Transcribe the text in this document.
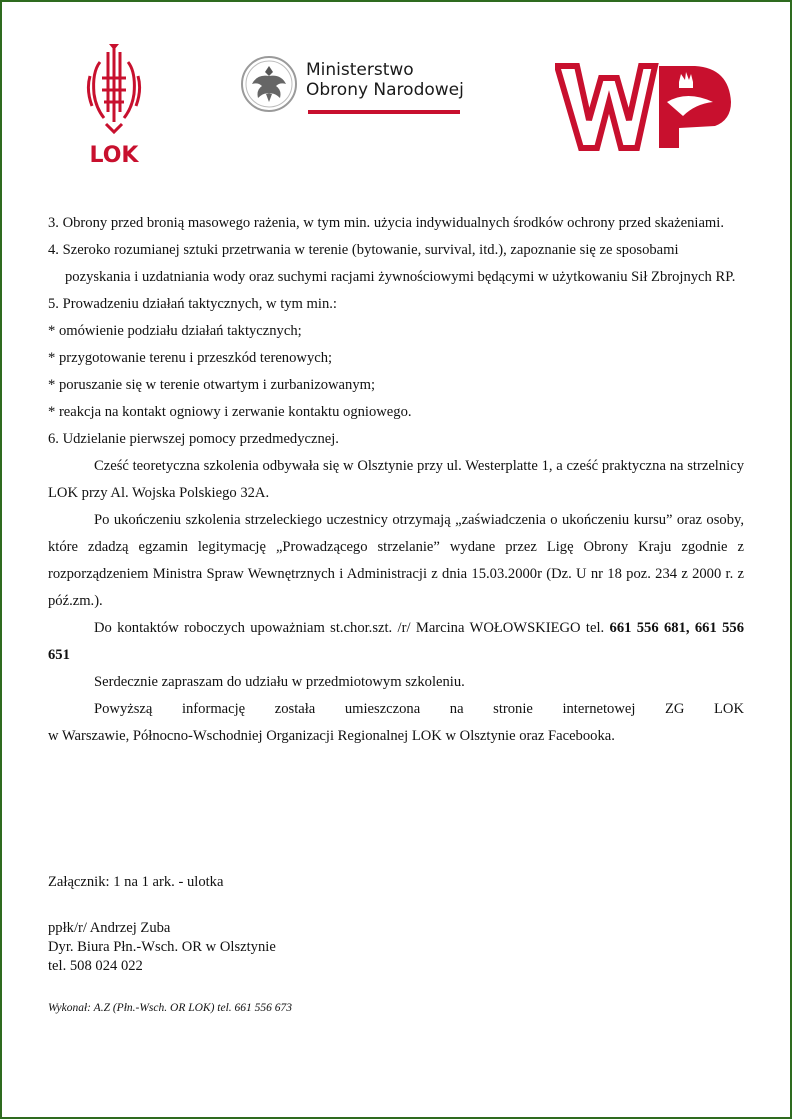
LOK
Ministerstwo
Obrony Narodowej
WOJSKO
POLSKIE

3. Obrony przed bronią masowego rażenia, w tym min. użycia indywidualnych środków ochrony przed skażeniami.

4. Szeroko rozumianej sztuki przetrwania w terenie (bytowanie, survival, itd.), zapoznanie się ze sposobami pozyskania i uzdatniania wody oraz suchymi racjami żywnościowymi będącymi w użytkowaniu Sił Zbrojnych RP.

5. Prowadzeniu działań taktycznych, w tym min.:

* omówienie podziału działań taktycznych;

* przygotowanie terenu i przeszkód terenowych;

* poruszanie się w terenie otwartym i zurbanizowanym;

* reakcja na kontakt ogniowy i zerwanie kontaktu ogniowego.

6. Udzielanie pierwszej pomocy przedmedycznej.

Cześć teoretyczna szkolenia odbywała się w Olsztynie przy ul. Westerplatte 1, a cześć praktyczna na strzelnicy LOK przy Al. Wojska Polskiego 32A.

Po ukończeniu szkolenia strzeleckiego uczestnicy otrzymają „zaświadczenia o ukończeniu kursu” oraz osoby, które zdadzą egzamin legitymację „Prowadzącego strzelanie” wydane przez Ligę Obrony Kraju zgodnie z rozporządzeniem Ministra Spraw Wewnętrznych i Administracji z dnia 15.03.2000r (Dz. U nr 18 poz. 234 z 2000 r. z póź.zm.).

Do kontaktów roboczych upoważniam st.chor.szt. /r/ Marcina WOŁOWSKIEGO tel. 661 556 681, 661 556 651

Serdecznie zapraszam do udziału w przedmiotowym szkoleniu.

Powyższą informację została umieszczona na stronie internetowej ZG LOK

w Warszawie, Północno-Wschodniej Organizacji Regionalnej LOK w Olsztynie oraz Facebooka.

Załącznik: 1 na 1 ark. - ulotka
ppłk/r/ Andrzej Zuba
Dyr. Biura Płn.-Wsch. OR w Olsztynie
tel. 508 024 022
Wykonał: A.Z (Płn.-Wsch. OR LOK) tel. 661 556 673
